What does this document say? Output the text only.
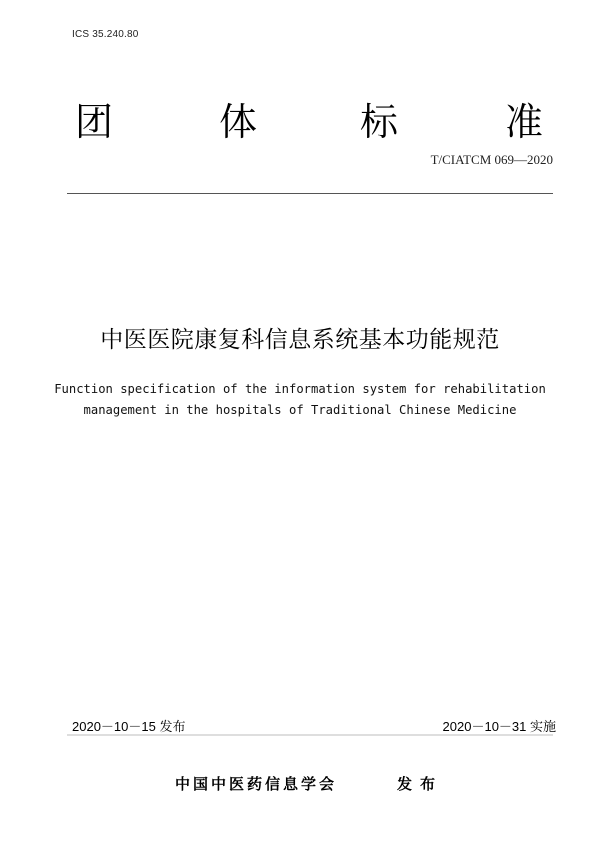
ICS 35.240.80
团	体	标	准
T/CIATCM 069—2020
中医医院康复科信息系统基本功能规范
Function specification of the information system for rehabilitation
management in the hospitals of Traditional Chinese Medicine
2020－10－15 发布	2020－10－31 实施
中国中医药信息学会	发布
